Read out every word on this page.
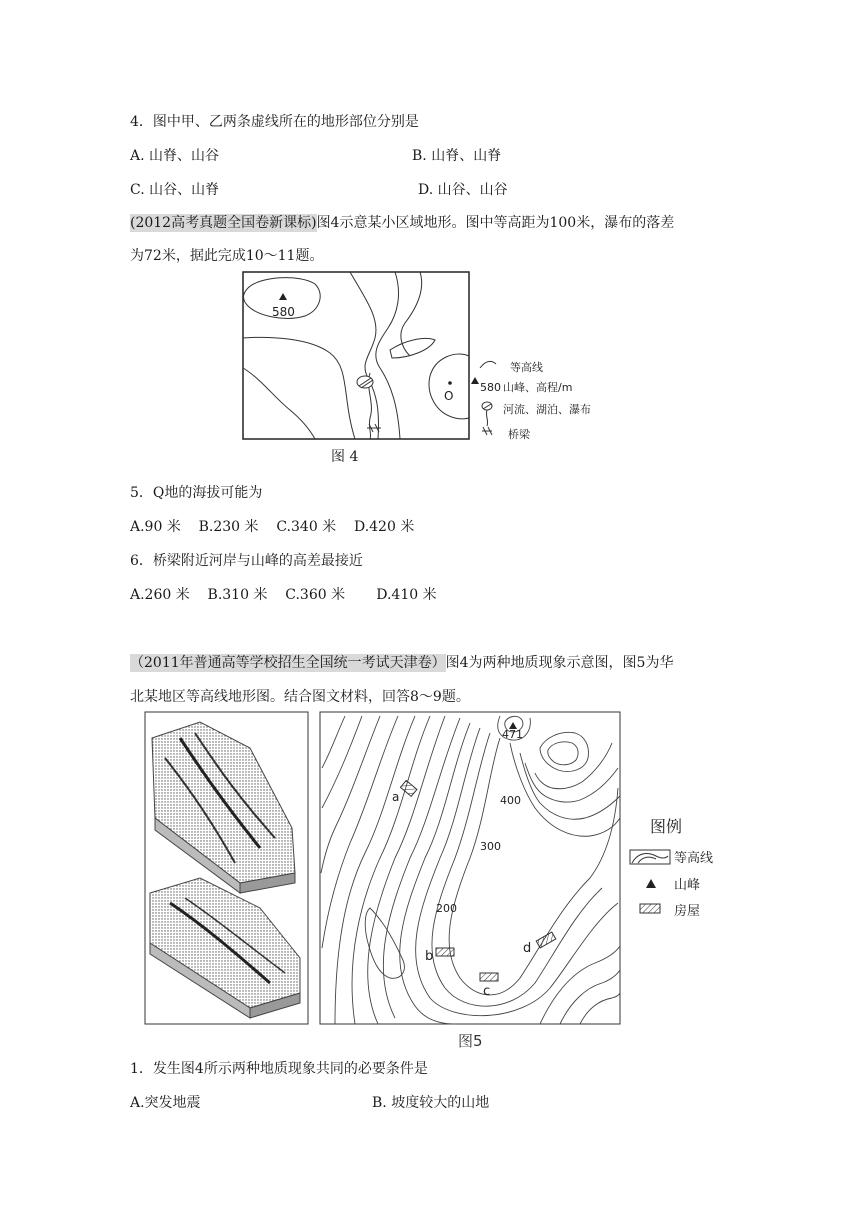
4．图中甲、乙两条虚线所在的地形部位分别是
A. 山脊、山谷	B. 山脊、山脊
C. 山谷、山脊	D. 山谷、山谷
(2012高考真题全国卷新课标)图4示意某小区域地形。图中等高距为100米，瀑布的落差
为72米，据此完成10～11题。
580
O
等高线
580 山峰、高程/m
河流、湖泊、瀑布
桥梁
图 4
5．Q地的海拔可能为
A.90 米    B.230 米    C.340 米    D.420 米
6．桥梁附近河岸与山峰的高差最接近
A.260 米    B.310 米    C.360 米       D.410 米
（2011年普通高等学校招生全国统一考试天津卷）图4为两种地质现象示意图，图5为华
北某地区等高线地形图。结合图文材料，回答8～9题。
471
400
300
200
a
b
c
d
图例
等高线
山峰
房屋
图5
1．发生图4所示两种地质现象共同的必要条件是
A.突发地震	B. 坡度较大的山地
